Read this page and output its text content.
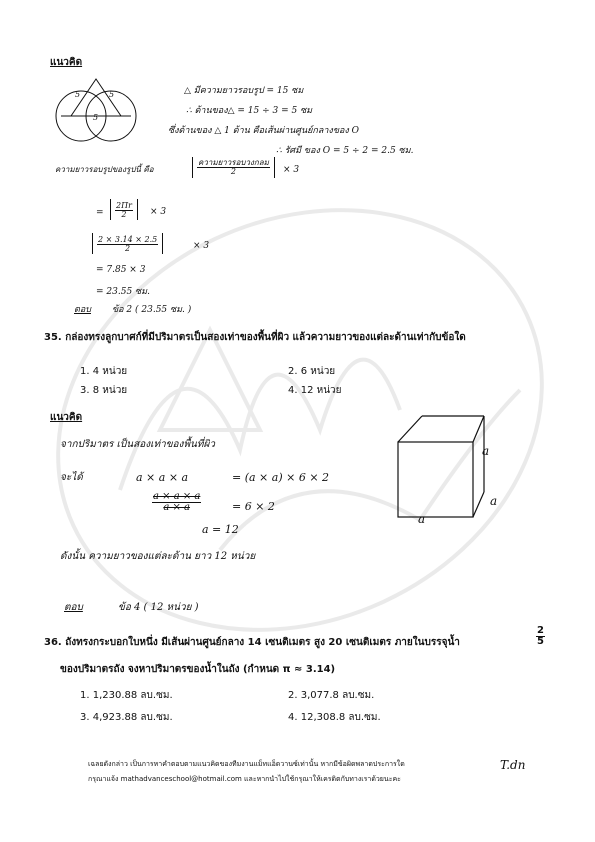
แนวคิด
5	5
5
△ มีความยาวรอบรูป = 15 ซม
∴ ด้านของ△ = 15 ÷ 3 = 5 ซม
ซึ่งด้านของ △ 1 ด้าน คือเส้นผ่านศูนย์กลางของ O
∴ รัศมี ของ O = 5 ÷ 2 = 2.5 ซม.
ความยาวรอบรูปของรูปนี้ คือ	$\frac{\text{ความยาวรอบวงกลม}}{2} \times 3$
= $\frac{2\Pi r}{2} \times 3$
$\frac{2 \times 3.14 \times 2.5}{2}$	× 3
= 7.85 × 3
= 23.55 ซม.
ตอบ ข้อ 2 ( 23.55 ซม. )
35. กล่องทรงลูกบาศก์ที่มีปริมาตรเป็นสองเท่าของพื้นที่ผิว แล้วความยาวของแต่ละด้านเท่ากับข้อใด
1. 4 หน่วย	2. 6 หน่วย
3. 8 หน่วย	4. 12 หน่วย
แนวคิด
จากปริมาตร เป็นสองเท่าของพื้นที่ผิว
จะได้	a × a × a	= (a × a) × 6 × 2
$\frac{a \times a \times a}{a \times a}$	= 6 × 2
a = 12
ดังนั้น ความยาวของแต่ละด้าน ยาว 12 หน่วย
a
a
a
ตอบ	ข้อ 4 ( 12 หน่วย )
36. ถังทรงกระบอกใบหนึ่ง มีเส้นผ่านศูนย์กลาง 14 เซนติเมตร สูง 20 เซนติเมตร ภายในบรรจุน้ำ	$\frac{2}{5}$
ของปริมาตรถัง จงหาปริมาตรของน้ำในถัง (กำหนด π ≈ 3.14)
1. 1,230.88 ลบ.ซม.	2. 3,077.8 ลบ.ซม.
3. 4,923.88 ลบ.ซม.	4. 12,308.8 ลบ.ซม.
เฉลยดังกล่าว เป็นการหาคำตอบตามแนวคิดของทีมงานแม็ทแอ็ดวานซ์เท่านั้น หากมีข้อผิดพลาดประการใด
กรุณาแจ้ง mathadvanceschool@hotmail.com และหากนำไปใช้กรุณาให้เครดิตกับทางเราด้วยนะคะ
T.dn
